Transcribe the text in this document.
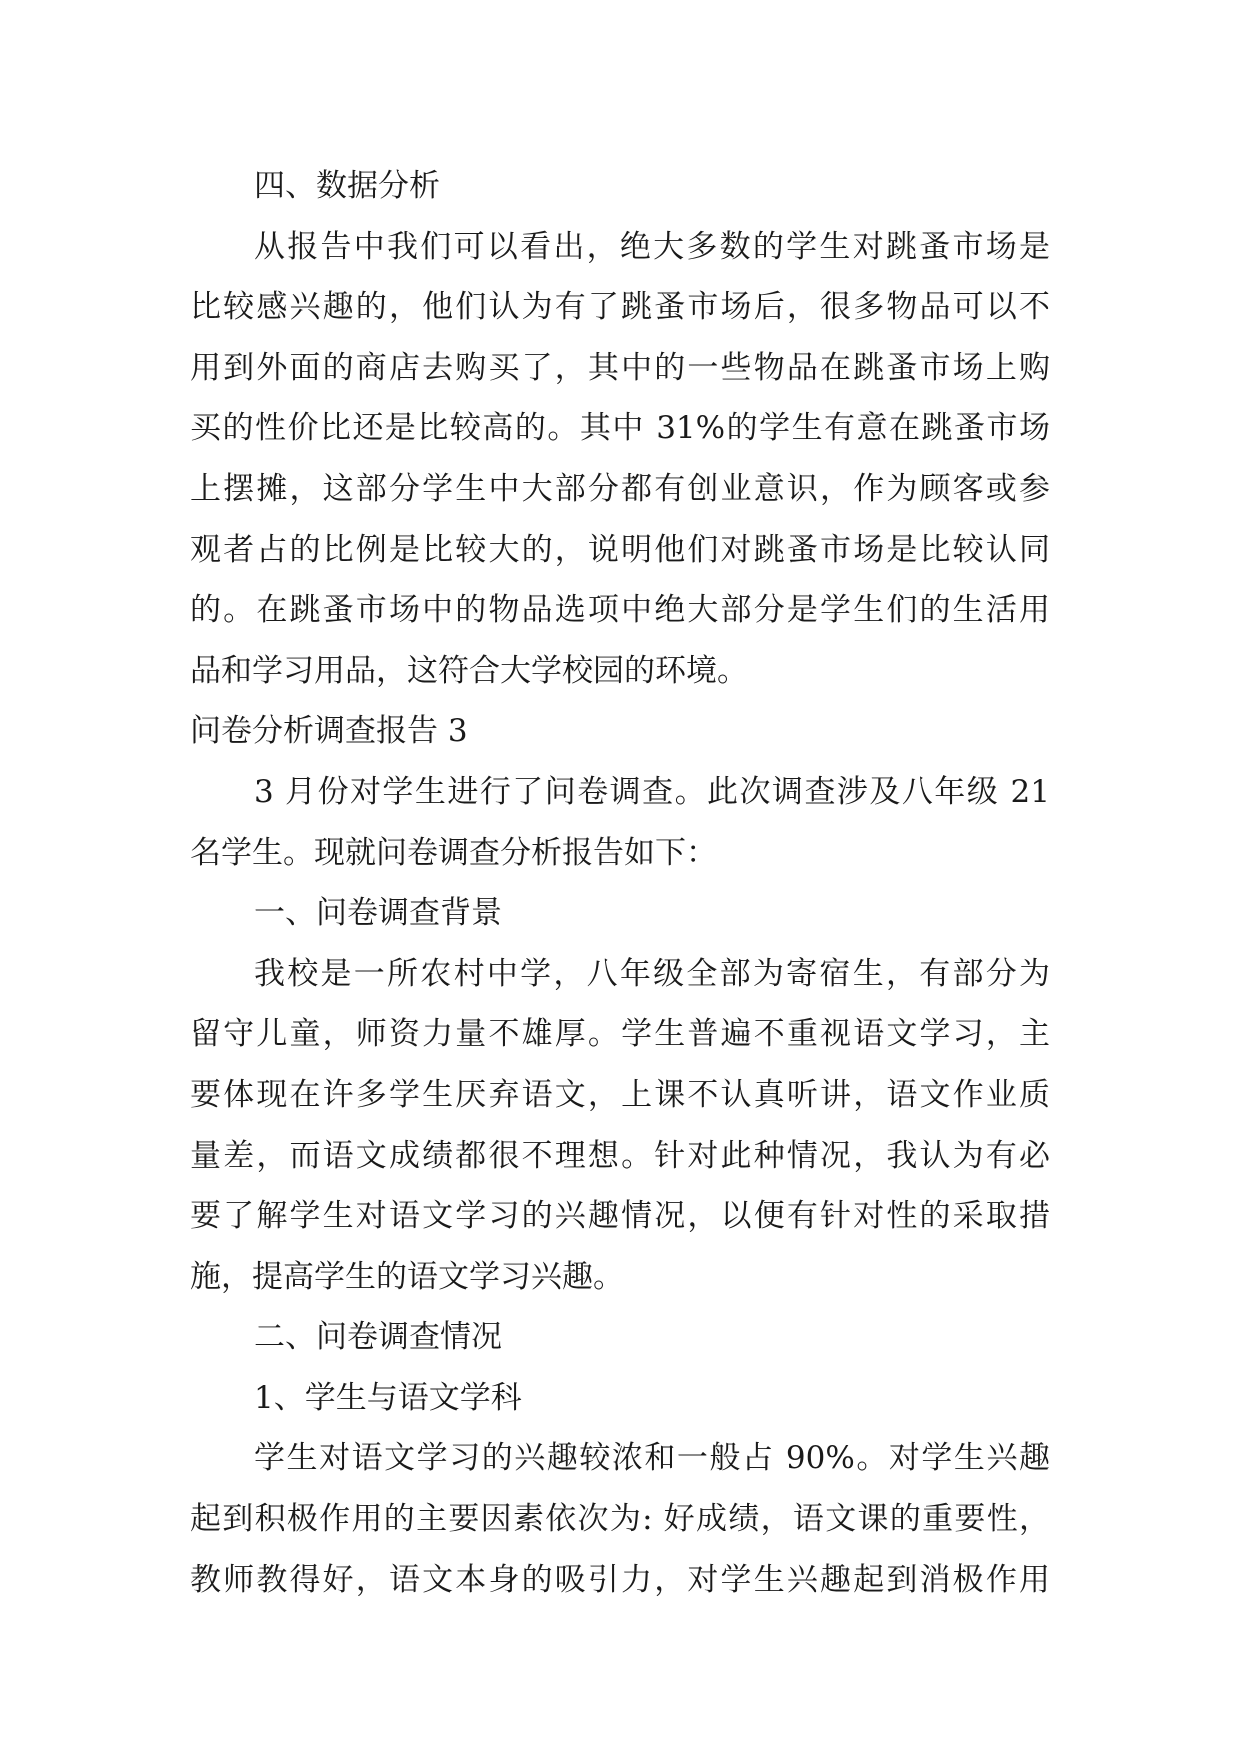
四、数据分析
从报告中我们可以看出，绝大多数的学生对跳蚤市场是
比较感兴趣的，他们认为有了跳蚤市场后，很多物品可以不
用到外面的商店去购买了，其中的一些物品在跳蚤市场上购
买的性价比还是比较高的。其中 31%的学生有意在跳蚤市场
上摆摊，这部分学生中大部分都有创业意识，作为顾客或参
观者占的比例是比较大的，说明他们对跳蚤市场是比较认同
的。在跳蚤市场中的物品选项中绝大部分是学生们的生活用
品和学习用品，这符合大学校园的环境。
问卷分析调查报告 3
3 月份对学生进行了问卷调查。此次调查涉及八年级 21
名学生。现就问卷调查分析报告如下：
一、问卷调查背景
我校是一所农村中学，八年级全部为寄宿生，有部分为
留守儿童，师资力量不雄厚。学生普遍不重视语文学习，主
要体现在许多学生厌弃语文，上课不认真听讲，语文作业质
量差，而语文成绩都很不理想。针对此种情况，我认为有必
要了解学生对语文学习的兴趣情况，以便有针对性的采取措
施，提高学生的语文学习兴趣。
二、问卷调查情况
1、学生与语文学科
学生对语文学习的兴趣较浓和一般占 90%。对学生兴趣
起到积极作用的主要因素依次为: 好成绩，语文课的重要性，
教师教得好，语文本身的吸引力，对学生兴趣起到消极作用
